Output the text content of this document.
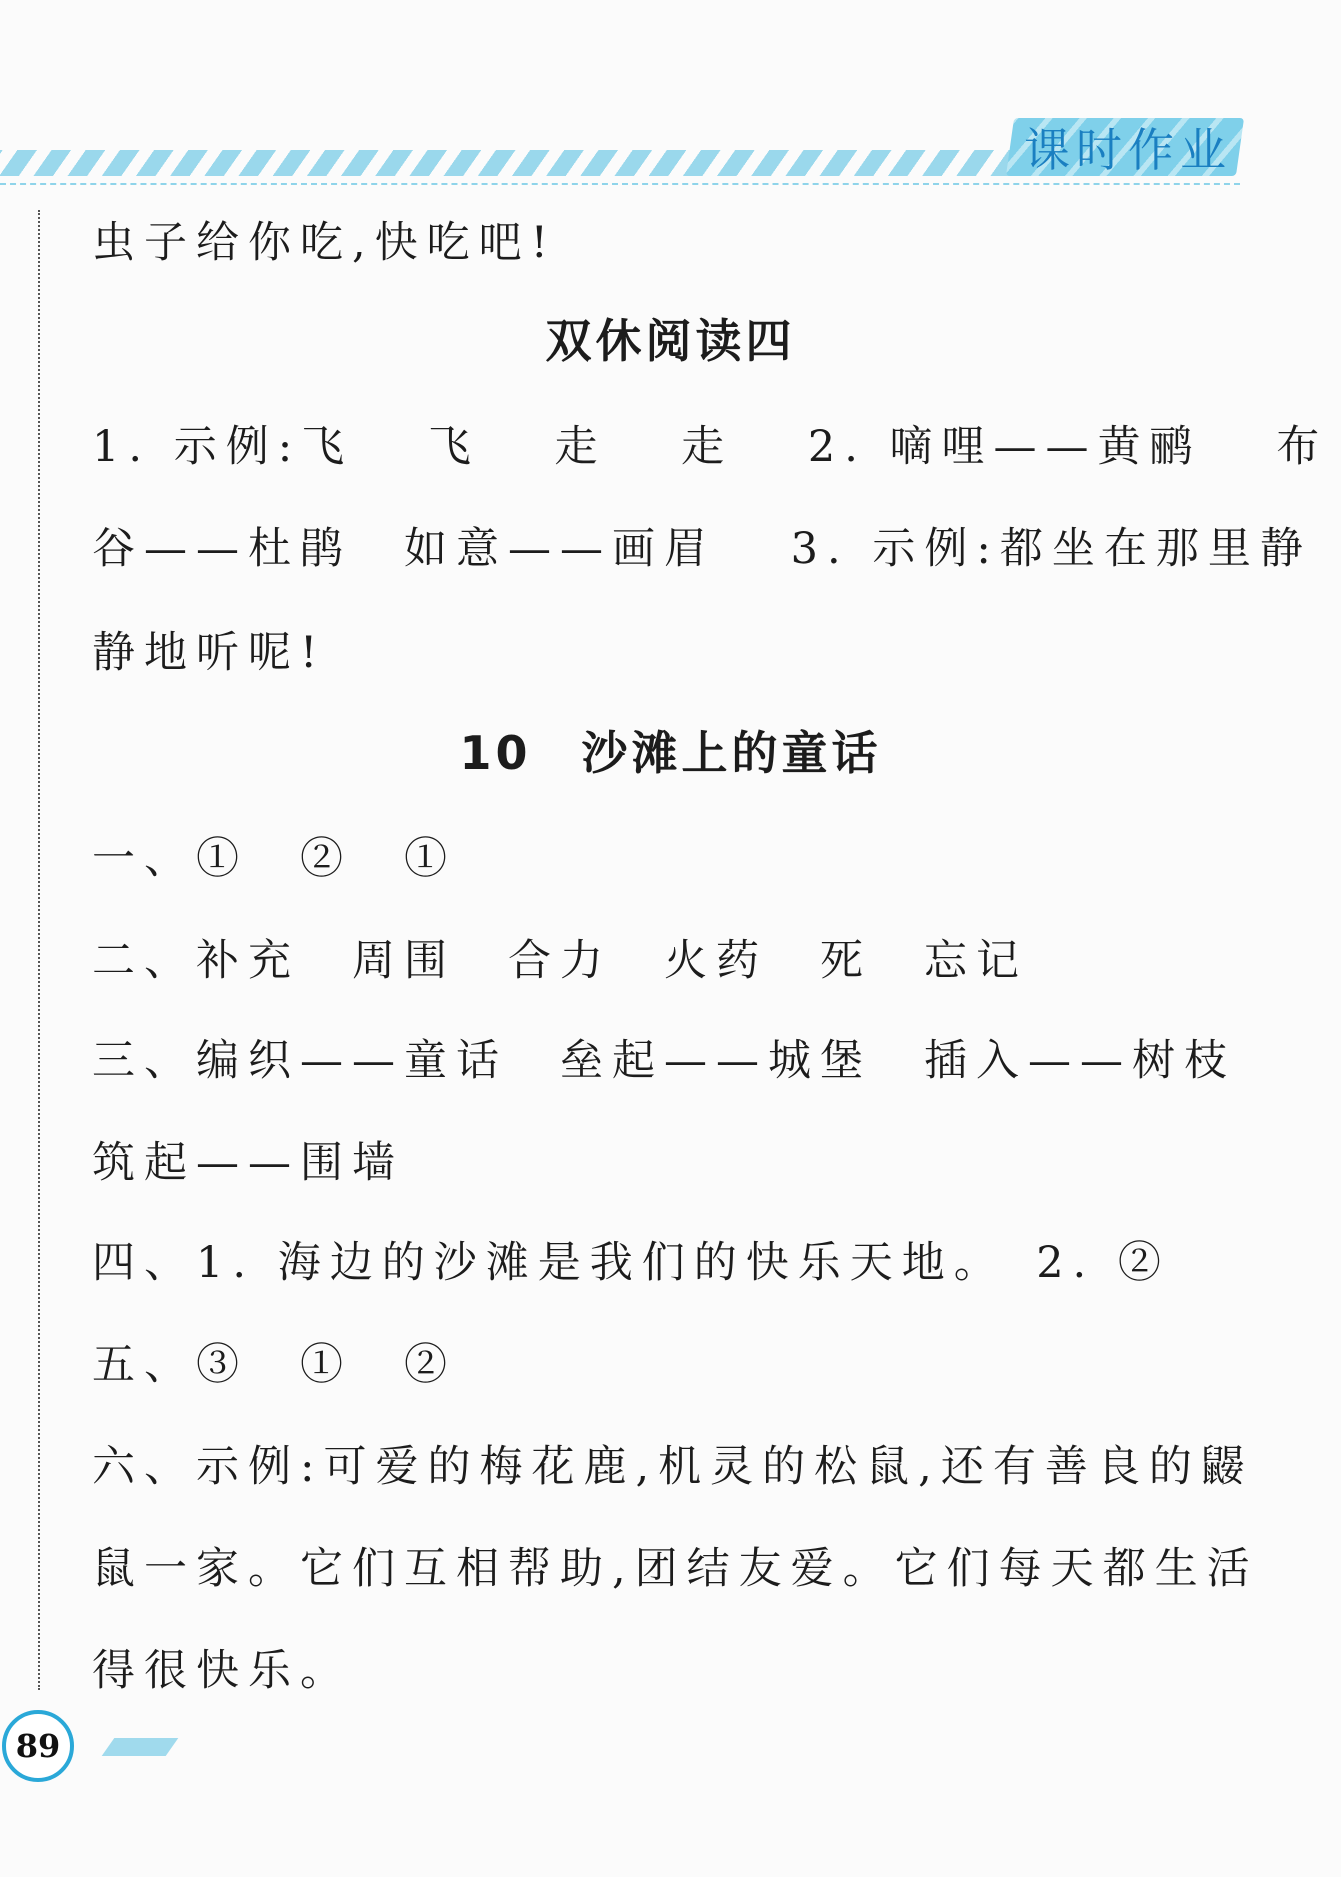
课时作业
虫子给你吃,快吃吧!
双休阅读四
1. 示例:飞　 飞　 走　 走　 2. 嘀哩——黄鹂　 布
谷——杜鹃　如意——画眉　 3. 示例:都坐在那里静
静地听呢!
10　沙滩上的童话
一、①　②　①
二、补充　周围　合力　火药　死　忘记
三、编织——童话　垒起——城堡　插入——树枝
筑起——围墙
四、1. 海边的沙滩是我们的快乐天地。　2. ②
五、③　①　②
六、示例:可爱的梅花鹿,机灵的松鼠,还有善良的鼹
鼠一家。它们互相帮助,团结友爱。它们每天都生活
得很快乐。
89
